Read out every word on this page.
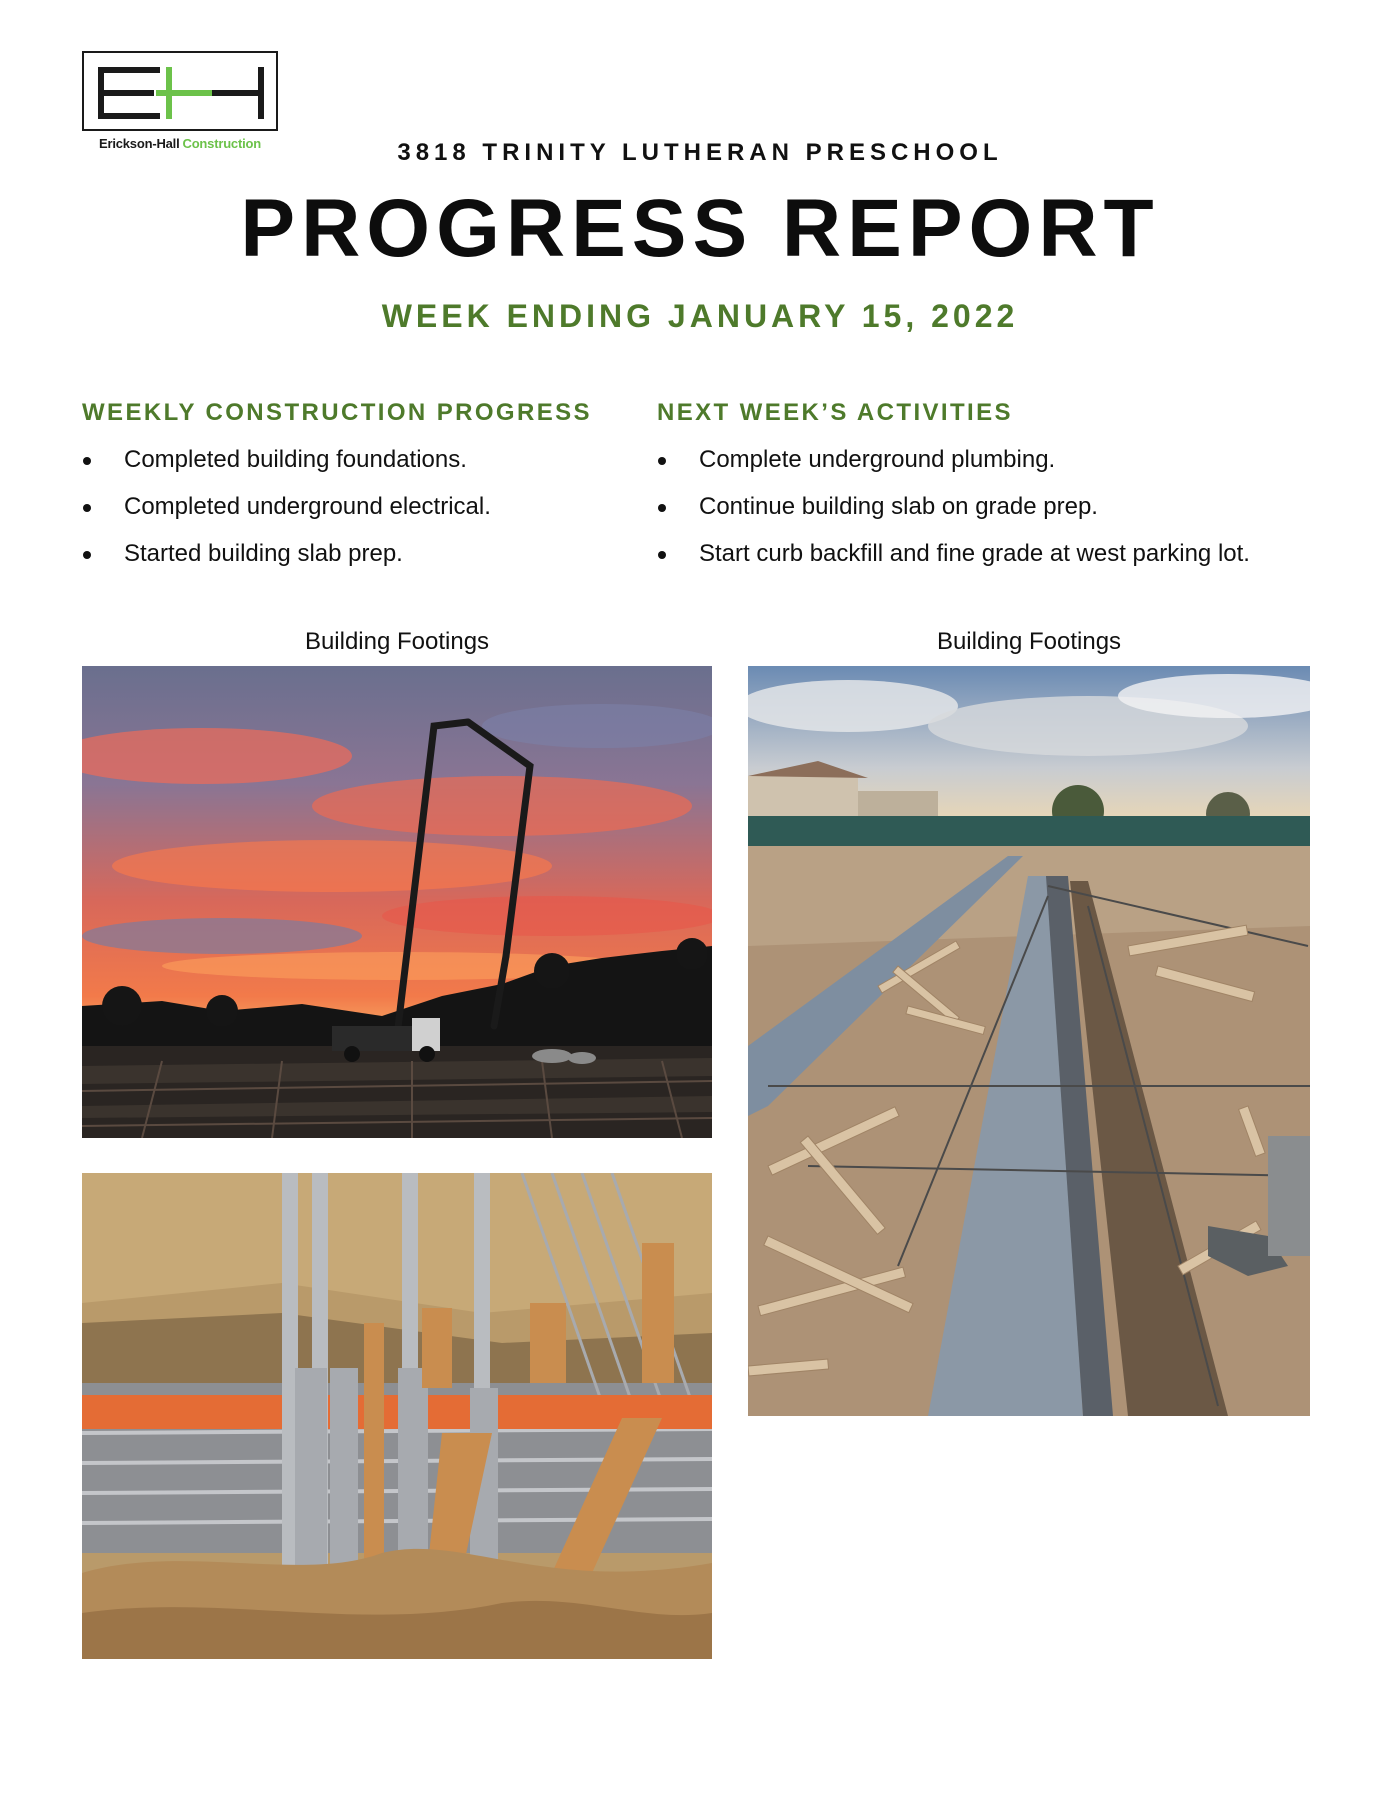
Erickson-Hall Construction	3818 TRINITY LUTHERAN PRESCHOOL
PROGRESS REPORT
WEEK ENDING JANUARY 15, 2022
WEEKLY CONSTRUCTION PROGRESS
Completed building foundations.
Completed underground electrical.
Started building slab prep.
NEXT WEEK’S ACTIVITIES
Complete underground plumbing.
Continue building slab on grade prep.
Start curb backfill and fine grade at west parking lot.
Building Footings	Building Footings
